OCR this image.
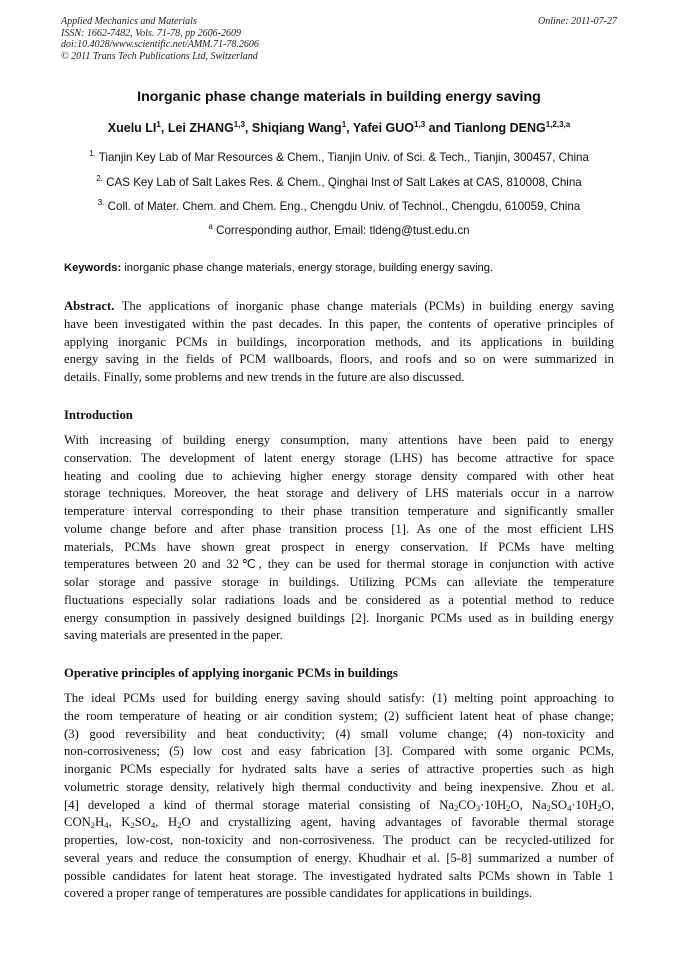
Applied Mechanics and Materials
ISSN: 1662-7482, Vols. 71-78, pp 2606-2609
doi:10.4028/www.scientific.net/AMM.71-78.2606
© 2011 Trans Tech Publications Ltd, Switzerland
Online: 2011-07-27
Inorganic phase change materials in building energy saving
Xuelu $LI^1$, Lei ZHANG$^{1,3}$, Shiqiang Wang$^1$, Yafei GUO$^{1,3}$ and Tianlong DENG$^{1,2,3,a}$
$^{1.}$ Tianjin Key Lab of Mar Resources & Chem., Tianjin Univ. of Sci. & Tech., Tianjin, 300457, China
$^{2.}$ CAS Key Lab of Salt Lakes Res. & Chem., Qinghai Inst of Salt Lakes at CAS, 810008, China
$^{3.}$ Coll. of Mater. Chem. and Chem. Eng., Chengdu Univ. of Technol., Chengdu, 610059, China
$^a$ Corresponding author, Email: tldeng@tust.edu.cn
Keywords: inorganic phase change materials, energy storage, building energy saving.
Abstract. The applications of inorganic phase change materials (PCMs) in building energy saving
have been investigated within the past decades. In this paper, the contents of operative principles of
applying inorganic PCMs in buildings, incorporation methods, and its applications in building
energy saving in the fields of PCM wallboards, floors, and roofs and so on were summarized in
details. Finally, some problems and new trends in the future are also discussed.
Introduction
With increasing of building energy consumption, many attentions have been paid to energy
conservation. The development of latent energy storage (LHS) has become attractive for space
heating and cooling due to achieving higher energy storage density compared with other heat
storage techniques. Moreover, the heat storage and delivery of LHS materials occur in a narrow
temperature interval corresponding to their phase transition temperature and significantly smaller
volume change before and after phase transition process [1]. As one of the most efficient LHS
materials, PCMs have shown great prospect in energy conservation. If PCMs have melting
temperatures between 20 and 32℃, they can be used for thermal storage in conjunction with active
solar storage and passive storage in buildings. Utilizing PCMs can alleviate the temperature
fluctuations especially solar radiations loads and be considered as a potential method to reduce
energy consumption in passively designed buildings [2]. Inorganic PCMs used as in building energy
saving materials are presented in the paper.
Operative principles of applying inorganic PCMs in buildings
The ideal PCMs used for building energy saving should satisfy: (1) melting point approaching to
the room temperature of heating or air condition system; (2) sufficient latent heat of phase change;
(3) good reversibility and heat conductivity; (4) small volume change; (4) non-toxicity and
non-corrosiveness; (5) low cost and easy fabrication [3]. Compared with some organic PCMs,
inorganic PCMs especially for hydrated salts have a series of attractive properties such as high
volumetric storage density, relatively high thermal conductivity and being inexpensive. Zhou et al.
[4] developed a kind of thermal storage material consisting of $Na_2CO_3\cdot 10H_2O$, $Na_2SO_4\cdot 10H_2O$,
$CON_2H_4$, $K_2SO_4$, $H_2O$ and crystallizing agent, having advantages of favorable thermal storage
properties, low-cost, non-toxicity and non-corrosiveness. The product can be recycled-utilized for
several years and reduce the consumption of energy. Khudhair et al. [5-8] summarized a number of
possible candidates for latent heat storage. The investigated hydrated salts PCMs shown in Table 1
covered a proper range of temperatures are possible candidates for applications in buildings.
